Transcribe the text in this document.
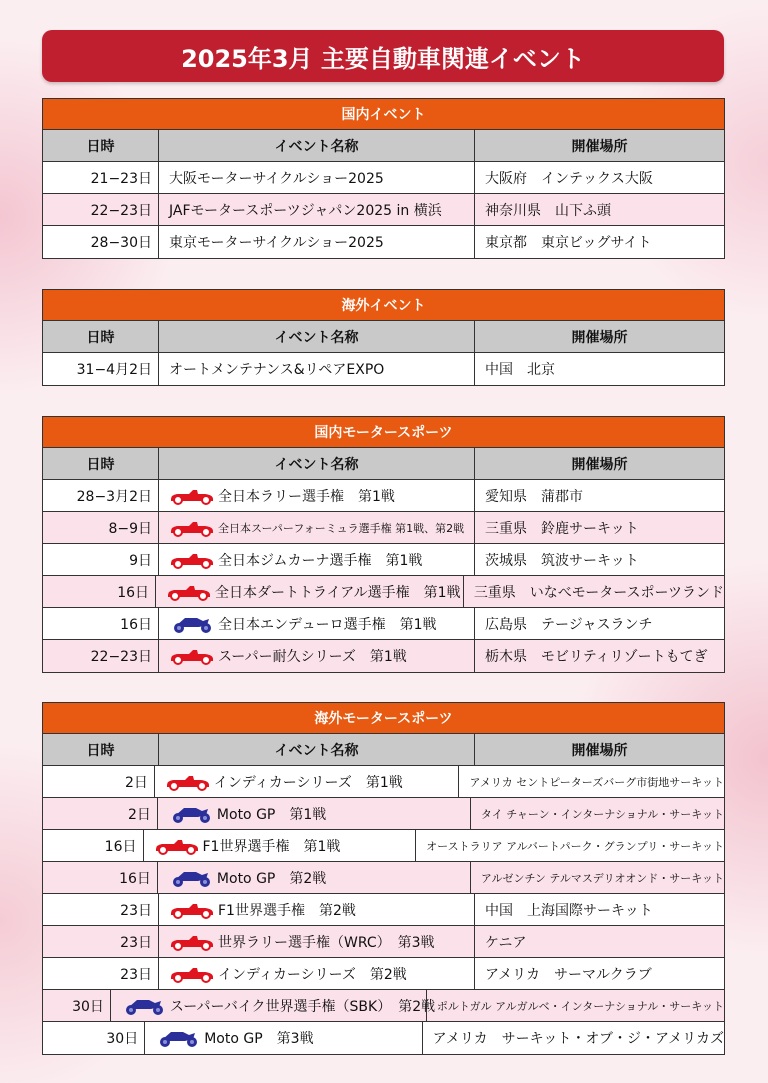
2025年3月 主要自動車関連イベント
国内イベント
日時	イベント名称	開催場所
21−23日	大阪モーターサイクルショー2025	大阪府　インテックス大阪
22−23日	JAFモータースポーツジャパン2025 in 横浜	神奈川県　山下ふ頭
28−30日	東京モーターサイクルショー2025	東京都　東京ビッグサイト
海外イベント
日時	イベント名称	開催場所
31−4月2日	オートメンテナンス&リペアEXPO	中国　北京
国内モータースポーツ
日時	イベント名称	開催場所
28−3月2日	全日本ラリー選手権　第1戦	愛知県　蒲郡市
8−9日	全日本スーパーフォーミュラ選手権 第1戦、第2戦	三重県　鈴鹿サーキット
9日	全日本ジムカーナ選手権　第1戦	茨城県　筑波サーキット
16日	全日本ダートトライアル選手権　第1戦 三重県　いなべモータースポーツランド
16日	全日本エンデューロ選手権　第1戦	広島県　テージャスランチ
22−23日	スーパー耐久シリーズ　第1戦	栃木県　モビリティリゾートもてぎ
海外モータースポーツ
日時	イベント名称	開催場所
2日	インディカーシリーズ　第1戦	アメリカ セントピーターズバーグ市街地サーキット
2日	Moto GP　第1戦	タイ チャーン・インターナショナル・サーキット
16日	F1世界選手権　第1戦	オーストラリア アルバートパーク・グランプリ・サーキット
16日	Moto GP　第2戦	アルゼンチン テルマスデリオオンド・サーキット
23日	F1世界選手権　第2戦	中国　上海国際サーキット
23日	世界ラリー選手権（WRC）　第3戦	ケニア
23日	インディカーシリーズ　第2戦	アメリカ　サーマルクラブ
30日	スーパーバイク世界選手権（SBK）　第2戦 ポルトガル アルガルベ・インターナショナル・サーキット
30日	Moto GP　第3戦	アメリカ　サーキット・オブ・ジ・アメリカズ
